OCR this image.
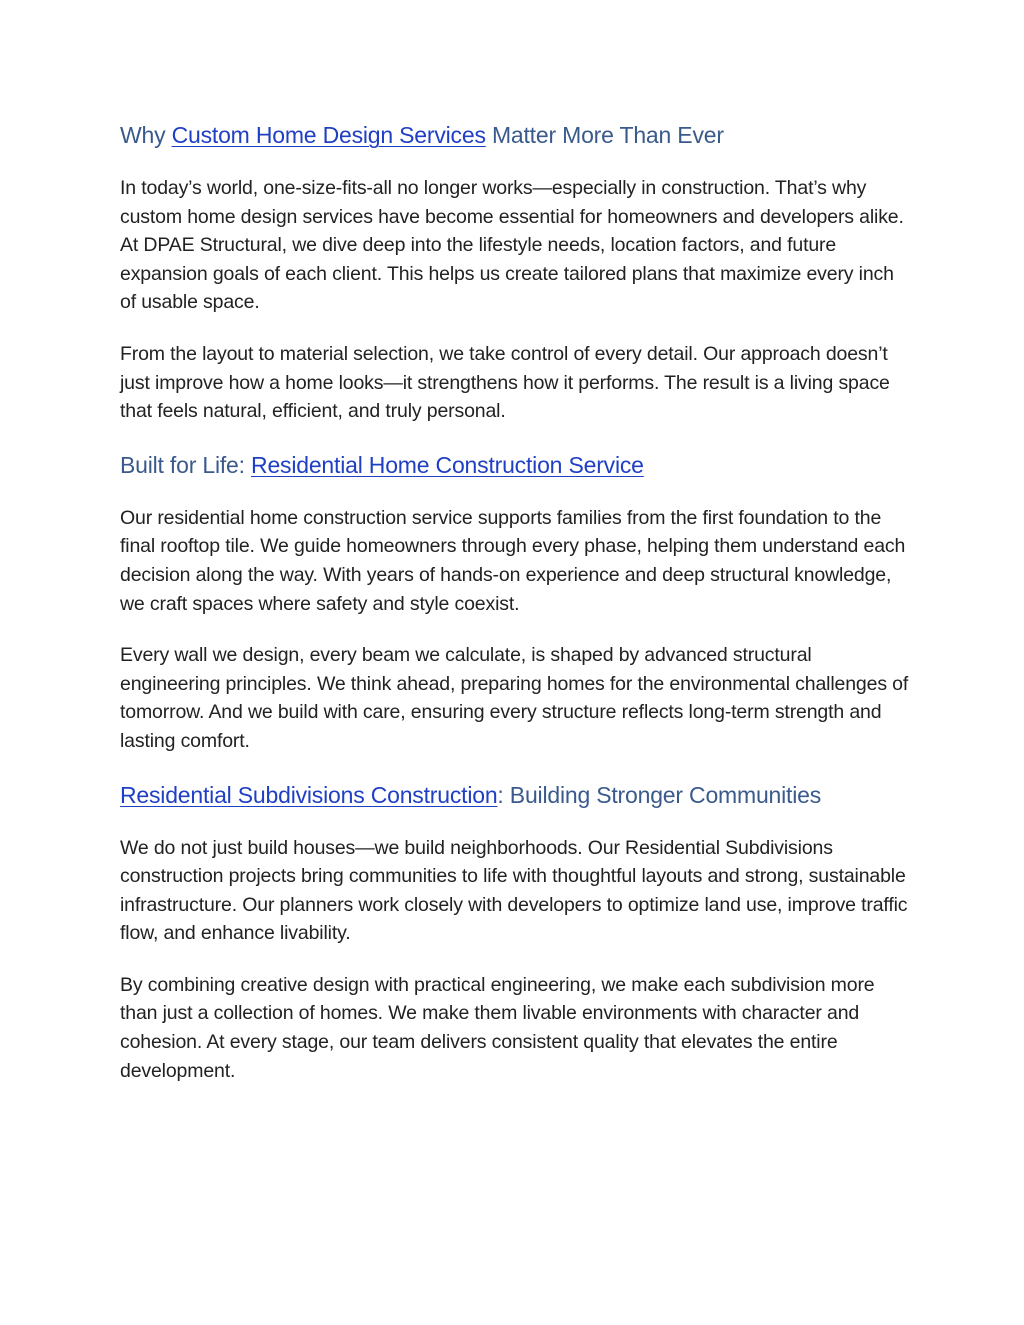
Why Custom Home Design Services Matter More Than Ever

In today’s world, one-size-fits-all no longer works—especially in construction. That’s why custom home design services have become essential for homeowners and developers alike. At DPAE Structural, we dive deep into the lifestyle needs, location factors, and future expansion goals of each client. This helps us create tailored plans that maximize every inch of usable space.

From the layout to material selection, we take control of every detail. Our approach doesn’t just improve how a home looks—it strengthens how it performs. The result is a living space that feels natural, efficient, and truly personal.

Built for Life: Residential Home Construction Service

Our residential home construction service supports families from the first foundation to the final rooftop tile. We guide homeowners through every phase, helping them understand each decision along the way. With years of hands-on experience and deep structural knowledge, we craft spaces where safety and style coexist.

Every wall we design, every beam we calculate, is shaped by advanced structural engineering principles. We think ahead, preparing homes for the environmental challenges of tomorrow. And we build with care, ensuring every structure reflects long-term strength and lasting comfort.

Residential Subdivisions Construction: Building Stronger Communities

We do not just build houses—we build neighborhoods. Our Residential Subdivisions construction projects bring communities to life with thoughtful layouts and strong, sustainable infrastructure. Our planners work closely with developers to optimize land use, improve traffic flow, and enhance livability.

By combining creative design with practical engineering, we make each subdivision more than just a collection of homes. We make them livable environments with character and cohesion. At every stage, our team delivers consistent quality that elevates the entire development.
